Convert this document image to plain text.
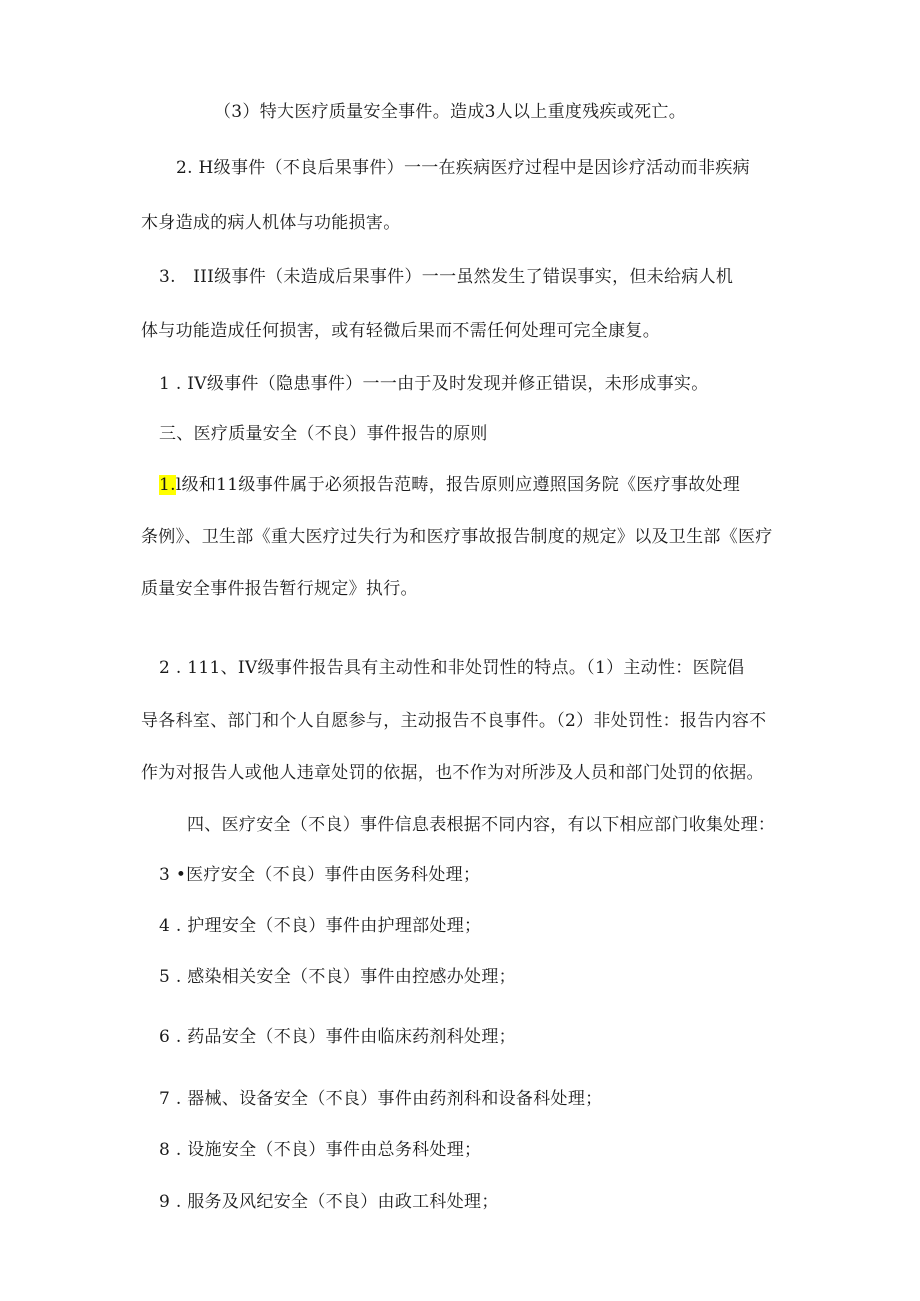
（3）特大医疗质量安全事件。造成3人以上重度残疾或死亡。
2. H级事件（不良后果事件）一一在疾病医疗过程中是因诊疗活动而非疾病
木身造成的病人机体与功能损害。
3.　III级事件（未造成后果事件）一一虽然发生了错误事实，但未给病人机
体与功能造成任何损害，或有轻微后果而不需任何处理可完全康复。
1 . IV级事件（隐患事件）一一由于及时发现并修正错误，未形成事实。
三、医疗质量安全（不良）事件报告的原则
1.l级和11级事件属于必须报告范畴，报告原则应遵照国务院《医疗事故处理
条例》、卫生部《重大医疗过失行为和医疗事故报告制度的规定》以及卫生部《医疗
质量安全事件报告暂行规定》执行。
2 . 111、IV级事件报告具有主动性和非处罚性的特点。（1）主动性：医院倡
导各科室、部门和个人自愿参与，主动报告不良事件。（2）非处罚性：报告内容不
作为对报告人或他人违章处罚的依据，也不作为对所涉及人员和部门处罚的依据。
四、医疗安全（不良）事件信息表根据不同内容，有以下相应部门收集处理：
3 •医疗安全（不良）事件由医务科处理；
4 . 护理安全（不良）事件由护理部处理；
5 . 感染相关安全（不良）事件由控感办处理；
6 . 药品安全（不良）事件由临床药剂科处理；
7 . 器械、设备安全（不良）事件由药剂科和设备科处理；
8 . 设施安全（不良）事件由总务科处理；
9 . 服务及风纪安全（不良）由政工科处理；
